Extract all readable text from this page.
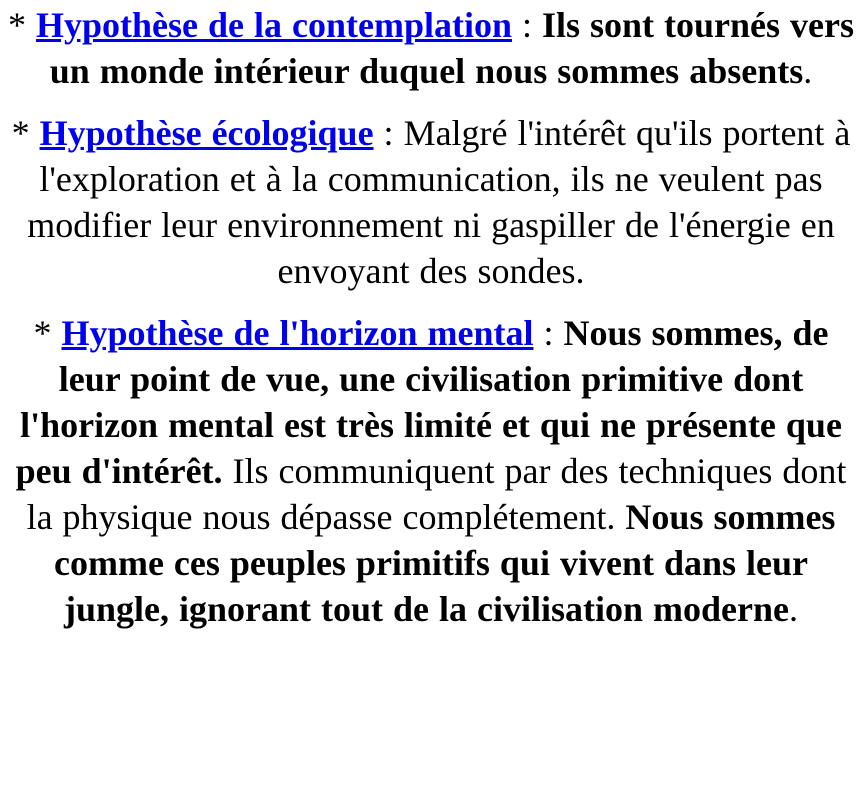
* Hypothèse de la contemplation : Ils sont tournés vers un monde intérieur duquel nous sommes absents.

* Hypothèse écologique : Malgré l'intérêt qu'ils portent à l'exploration et à la communication, ils ne veulent pas modifier leur environnement ni gaspiller de l'énergie en envoyant des sondes.

* Hypothèse de l'horizon mental : Nous sommes, de leur point de vue, une civilisation primitive dont l'horizon mental est très limité et qui ne présente que peu d'intérêt. Ils communiquent par des techniques dont la physique nous dépasse complétement. Nous sommes comme ces peuples primitifs qui vivent dans leur jungle, ignorant tout de la civilisation moderne.
